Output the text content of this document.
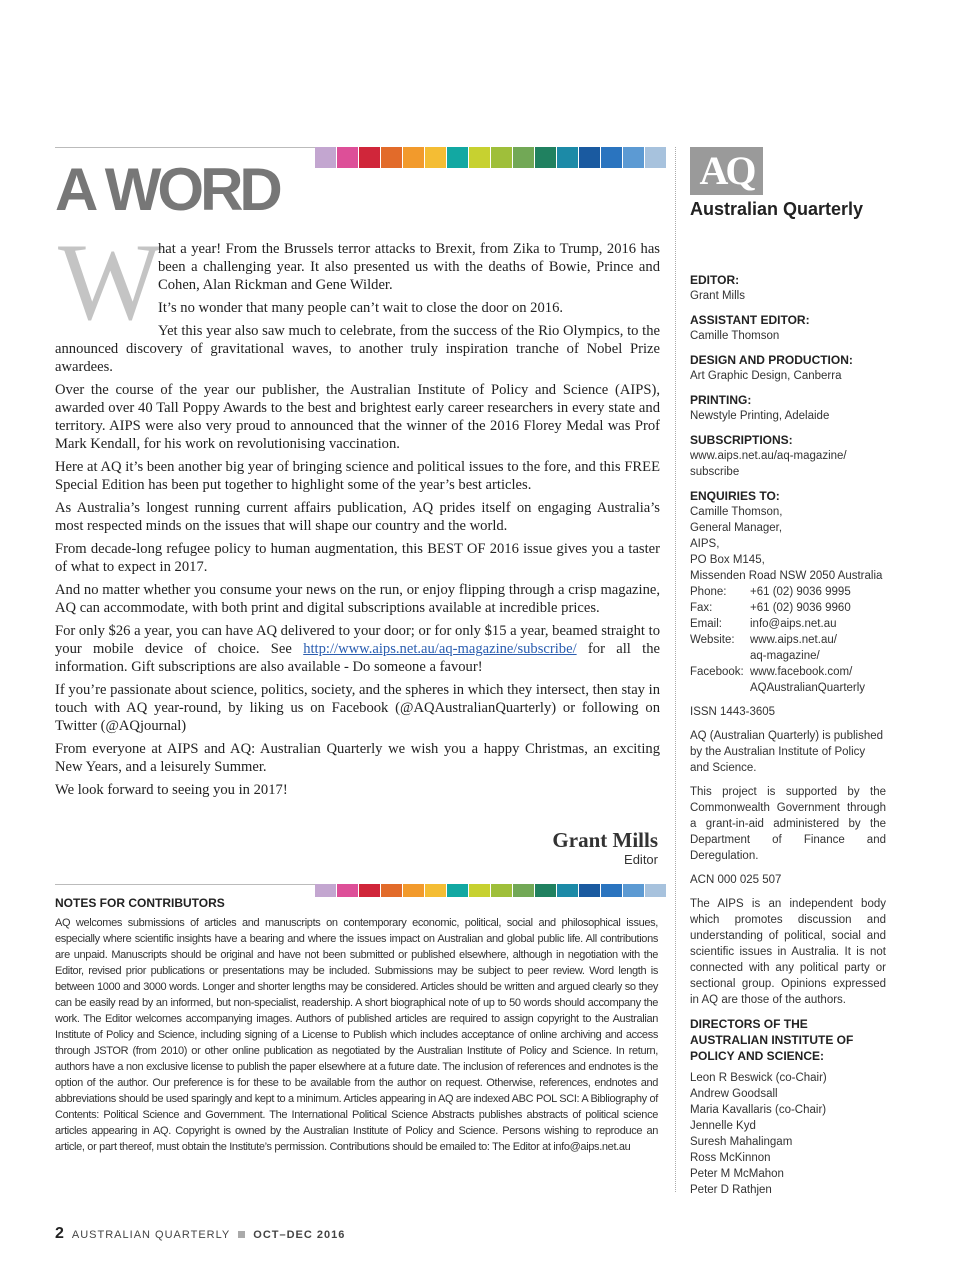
A WORD
W

hat a year! From the Brussels terror attacks to Brexit, from Zika to Trump, 2016 has been a challenging year. It also presented us with the deaths of Bowie, Prince and Cohen, Alan Rickman and Gene Wilder.

It’s no wonder that many people can’t wait to close the door on 2016.

Yet this year also saw much to celebrate, from the success of the Rio Olympics, to the announced discovery of gravitational waves, to another truly inspiration tranche of Nobel Prize awardees.

Over the course of the year our publisher, the Australian Institute of Policy and Science (AIPS), awarded over 40 Tall Poppy Awards to the best and brightest early career researchers in every state and territory. AIPS were also very proud to announced that the winner of the 2016 Florey Medal was Prof Mark Kendall, for his work on revolutionising vaccination.

Here at AQ it’s been another big year of bringing science and political issues to the fore, and this FREE Special Edition has been put together to highlight some of the year’s best articles.

As Australia’s longest running current affairs publication, AQ prides itself on engaging Australia’s most respected minds on the issues that will shape our country and the world.

From decade-long refugee policy to human augmentation, this BEST OF 2016 issue gives you a taster of what to expect in 2017.

And no matter whether you consume your news on the run, or enjoy flipping through a crisp magazine, AQ can accommodate, with both print and digital subscriptions available at incredible prices.

For only $26 a year, you can have AQ delivered to your door; or for only $15 a year, beamed straight to your mobile device of choice. See http://www.aips.net.au/aq-magazine/subscribe/ for all the information. Gift subscriptions are also available - Do someone a favour!

If you’re passionate about science, politics, society, and the spheres in which they intersect, then stay in touch with AQ year-round, by liking us on Facebook (@AQAustralianQuarterly) or following on Twitter (@AQjournal)

From everyone at AIPS and AQ: Australian Quarterly we wish you a happy Christmas, an exciting New Years, and a leisurely Summer.

We look forward to seeing you in 2017!

Grant Mills
Editor
NOTES FOR CONTRIBUTORS
AQ welcomes submissions of articles and manuscripts on contemporary economic, political, social and philosophical issues, especially where scientific insights have a bearing and where the issues impact on Australian and global public life. All contributions are unpaid. Manuscripts should be original and have not been submitted or published elsewhere, although in negotiation with the Editor, revised prior publications or presentations may be included. Submissions may be subject to peer review. Word length is between 1000 and 3000 words. Longer and shorter lengths may be considered. Articles should be written and argued clearly so they can be easily read by an informed, but non-specialist, readership. A short biographical note of up to 50 words should accompany the work. The Editor welcomes accompanying images. Authors of published articles are required to assign copyright to the Australian Institute of Policy and Science, including signing of a License to Publish which includes acceptance of online archiving and access through JSTOR (from 2010) or other online publication as negotiated by the Australian Institute of Policy and Science. In return, authors have a non exclusive license to publish the paper elsewhere at a future date. The inclusion of references and endnotes is the option of the author. Our preference is for these to be available from the author on request. Otherwise, references, endnotes and abbreviations should be used sparingly and kept to a minimum. Articles appearing in AQ are indexed ABC POL SCI: A Bibliography of Contents: Political Science and Government. The International Political Science Abstracts publishes abstracts of political science articles appearing in AQ. Copyright is owned by the Australian Institute of Policy and Science. Persons wishing to reproduce an article, or part thereof, must obtain the Institute’s permission. Contributions should be emailed to: The Editor at info@aips.net.au
AQ
Australian Quarterly
EDITOR:
Grant Mills
ASSISTANT EDITOR:
Camille Thomson
DESIGN AND PRODUCTION:
Art Graphic Design, Canberra
PRINTING:
Newstyle Printing, Adelaide
SUBSCRIPTIONS:
www.aips.net.au/aq-magazine/ subscribe
ENQUIRIES TO:
Camille Thomson,
General Manager,
AIPS,
PO Box M145,
Missenden Road NSW 2050 Australia
Phone:	+61 (02) 9036 9995
Fax:	+61 (02) 9036 9960
Email:	info@aips.net.au
Website:	www.aips.net.au/ aq-magazine/
Facebook: www.facebook.com/ AQAustralianQuarterly
ISSN 1443-3605
AQ (Australian Quarterly) is published by the Australian Institute of Policy and Science.
This project is supported by the Commonwealth Government through a grant-in-aid administered by the Department of Finance and Deregulation.
ACN 000 025 507
The AIPS is an independent body which promotes discussion and understanding of political, social and scientific issues in Australia. It is not connected with any political party or sectional group. Opinions expressed in AQ are those of the authors.
DIRECTORS OF THE AUSTRALIAN INSTITUTE OF POLICY AND SCIENCE:
Leon R Beswick (co-Chair)
Andrew Goodsall
Maria Kavallaris (co-Chair)
Jennelle Kyd
Suresh Mahalingam
Ross McKinnon
Peter M McMahon
Peter D Rathjen
2 AUSTRALIAN QUARTERLY OCT–DEC 2016
